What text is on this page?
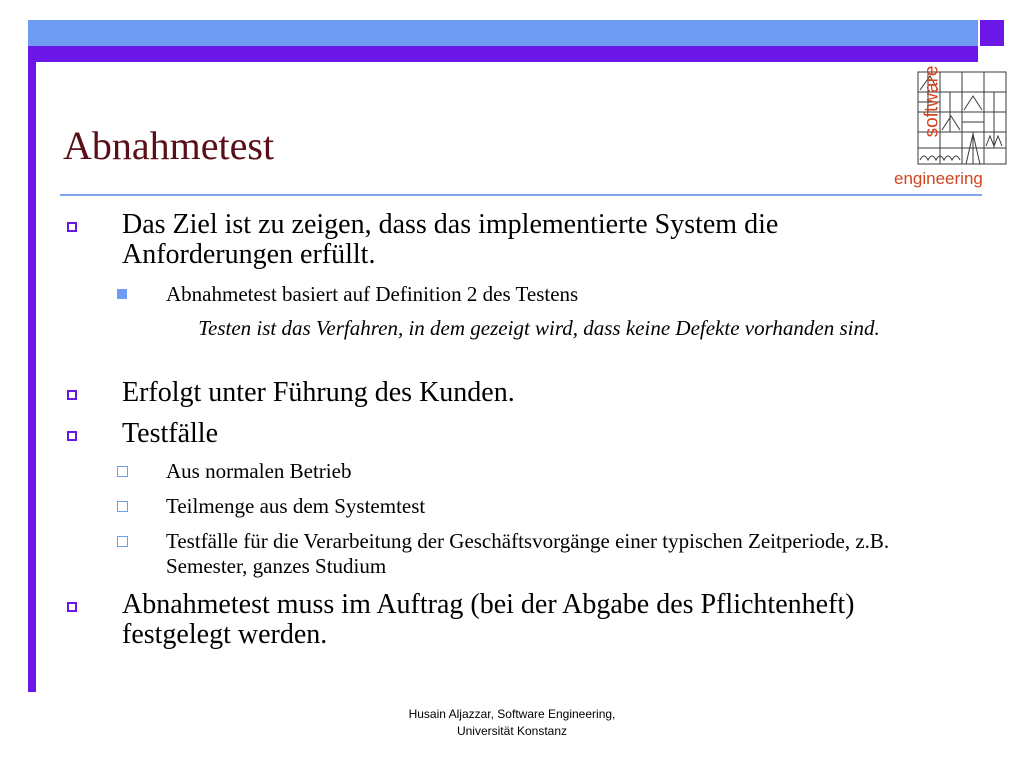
Abnahmetest
software
engineering
Das Ziel ist zu zeigen, dass das implementierte System die Anforderungen erfüllt.
Abnahmetest basiert auf Definition 2 des Testens
Testen ist das Verfahren, in dem gezeigt wird, dass keine Defekte vorhanden sind.
Erfolgt unter Führung des Kunden.
Testfälle
Aus normalen Betrieb
Teilmenge aus dem Systemtest
Testfälle für die Verarbeitung der Geschäftsvorgänge einer typischen Zeitperiode, z.B. Semester, ganzes Studium
Abnahmetest muss im Auftrag (bei der Abgabe des Pflichtenheft) festgelegt werden.
Husain Aljazzar, Software Engineering,
Universität Konstanz
